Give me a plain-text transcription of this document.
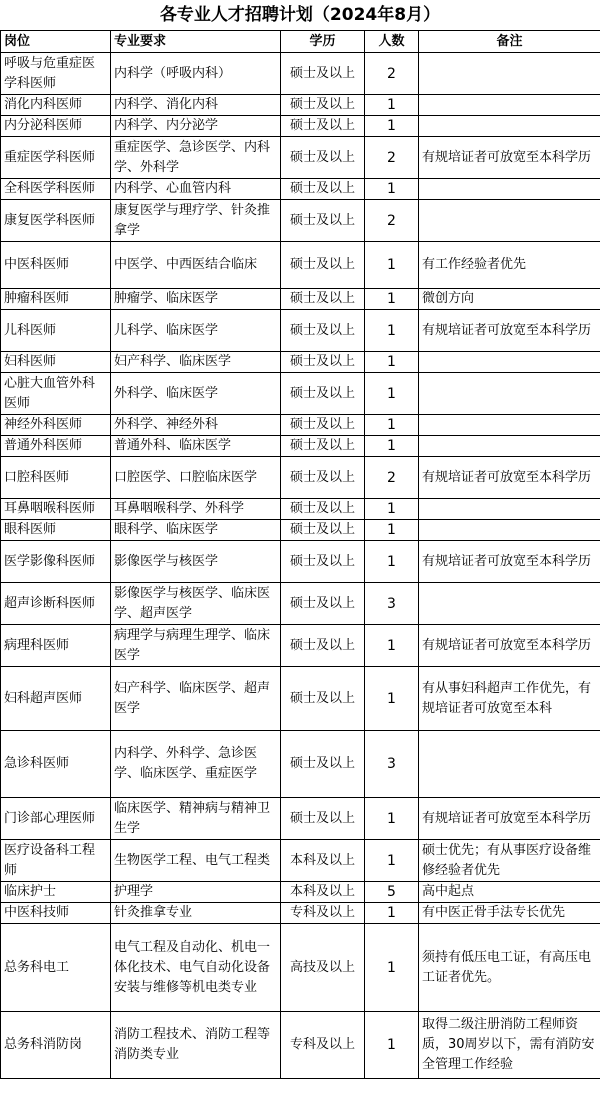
各专业人才招聘计划（2024年8月）
岗位	专业要求	学历	人数	备注
呼吸与危重症医学科医师	内科学（呼吸内科）	硕士及以上	2	
消化内科医师	内科学、消化内科	硕士及以上	1	
内分泌科医师	内科学、内分泌学	硕士及以上	1	
重症医学科医师	重症医学、急诊医学、内科学、外科学	硕士及以上	2	有规培证者可放宽至本科学历
全科医学科医师	内科学、心血管内科	硕士及以上	1	
康复医学科医师	康复医学与理疗学、针灸推拿学	硕士及以上	2	
中医科医师	中医学、中西医结合临床	硕士及以上	1	有工作经验者优先
肿瘤科医师	肿瘤学、临床医学	硕士及以上	1	微创方向
儿科医师	儿科学、临床医学	硕士及以上	1	有规培证者可放宽至本科学历
妇科医师	妇产科学、临床医学	硕士及以上	1	
心脏大血管外科医师	外科学、临床医学	硕士及以上	1	
神经外科医师	外科学、神经外科	硕士及以上	1	
普通外科医师	普通外科、临床医学	硕士及以上	1	
口腔科医师	口腔医学、口腔临床医学	硕士及以上	2	有规培证者可放宽至本科学历
耳鼻咽喉科医师	耳鼻咽喉科学、外科学	硕士及以上	1	
眼科医师	眼科学、临床医学	硕士及以上	1	
医学影像科医师	影像医学与核医学	硕士及以上	1	有规培证者可放宽至本科学历
超声诊断科医师	影像医学与核医学、临床医学、超声医学	硕士及以上	3	
病理科医师	病理学与病理生理学、临床医学	硕士及以上	1	有规培证者可放宽至本科学历
妇科超声医师	妇产科学、临床医学、超声医学	硕士及以上	1	有从事妇科超声工作优先，有规培证者可放宽至本科
急诊科医师	内科学、外科学、急诊医学、临床医学、重症医学	硕士及以上	3	
门诊部心理医师	临床医学、精神病与精神卫生学	硕士及以上	1	有规培证者可放宽至本科学历
医疗设备科工程师	生物医学工程、电气工程类	本科及以上	1	硕士优先；有从事医疗设备维修经验者优先
临床护士	护理学	本科及以上	5	高中起点
中医科技师	针灸推拿专业	专科及以上	1	有中医正骨手法专长优先
总务科电工	电气工程及自动化、机电一体化技术、电气自动化设备安装与维修等机电类专业	高技及以上	1	须持有低压电工证，有高压电工证者优先。
总务科消防岗	消防工程技术、消防工程等消防类专业	专科及以上	1	取得二级注册消防工程师资质，30周岁以下，需有消防安全管理工作经验
